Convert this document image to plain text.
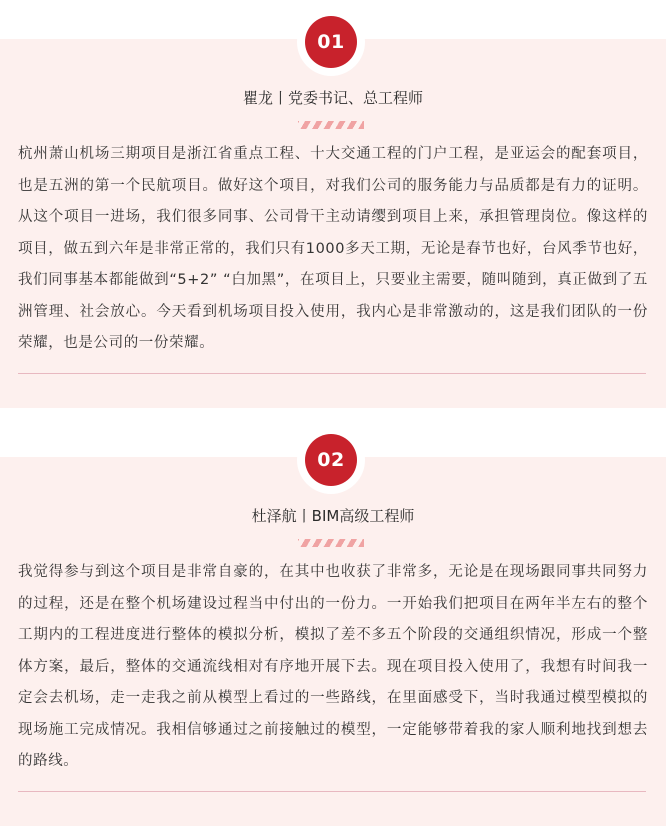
01
瞿龙丨党委书记、总工程师

杭州萧山机场三期项目是浙江省重点工程、十大交通工程的门户工程，是亚运会的配套项目，也是五洲的第一个民航项目。做好这个项目，对我们公司的服务能力与品质都是有力的证明。从这个项目一进场，我们很多同事、公司骨干主动请缨到项目上来，承担管理岗位。像这样的项目，做五到六年是非常正常的，我们只有1000多天工期，无论是春节也好，台风季节也好，我们同事基本都能做到“5+2” “白加黑”，在项目上，只要业主需要，随叫随到，真正做到了五洲管理、社会放心。今天看到机场项目投入使用，我内心是非常激动的，这是我们团队的一份荣耀，也是公司的一份荣耀。

02
杜泽航丨BIM高级工程师

我觉得参与到这个项目是非常自豪的，在其中也收获了非常多，无论是在现场跟同事共同努力的过程，还是在整个机场建设过程当中付出的一份力。一开始我们把项目在两年半左右的整个工期内的工程进度进行整体的模拟分析，模拟了差不多五个阶段的交通组织情况，形成一个整体方案，最后，整体的交通流线相对有序地开展下去。现在项目投入使用了，我想有时间我一定会去机场，走一走我之前从模型上看过的一些路线，在里面感受下，当时我通过模型模拟的现场施工完成情况。我相信够通过之前接触过的模型，一定能够带着我的家人顺利地找到想去的路线。
